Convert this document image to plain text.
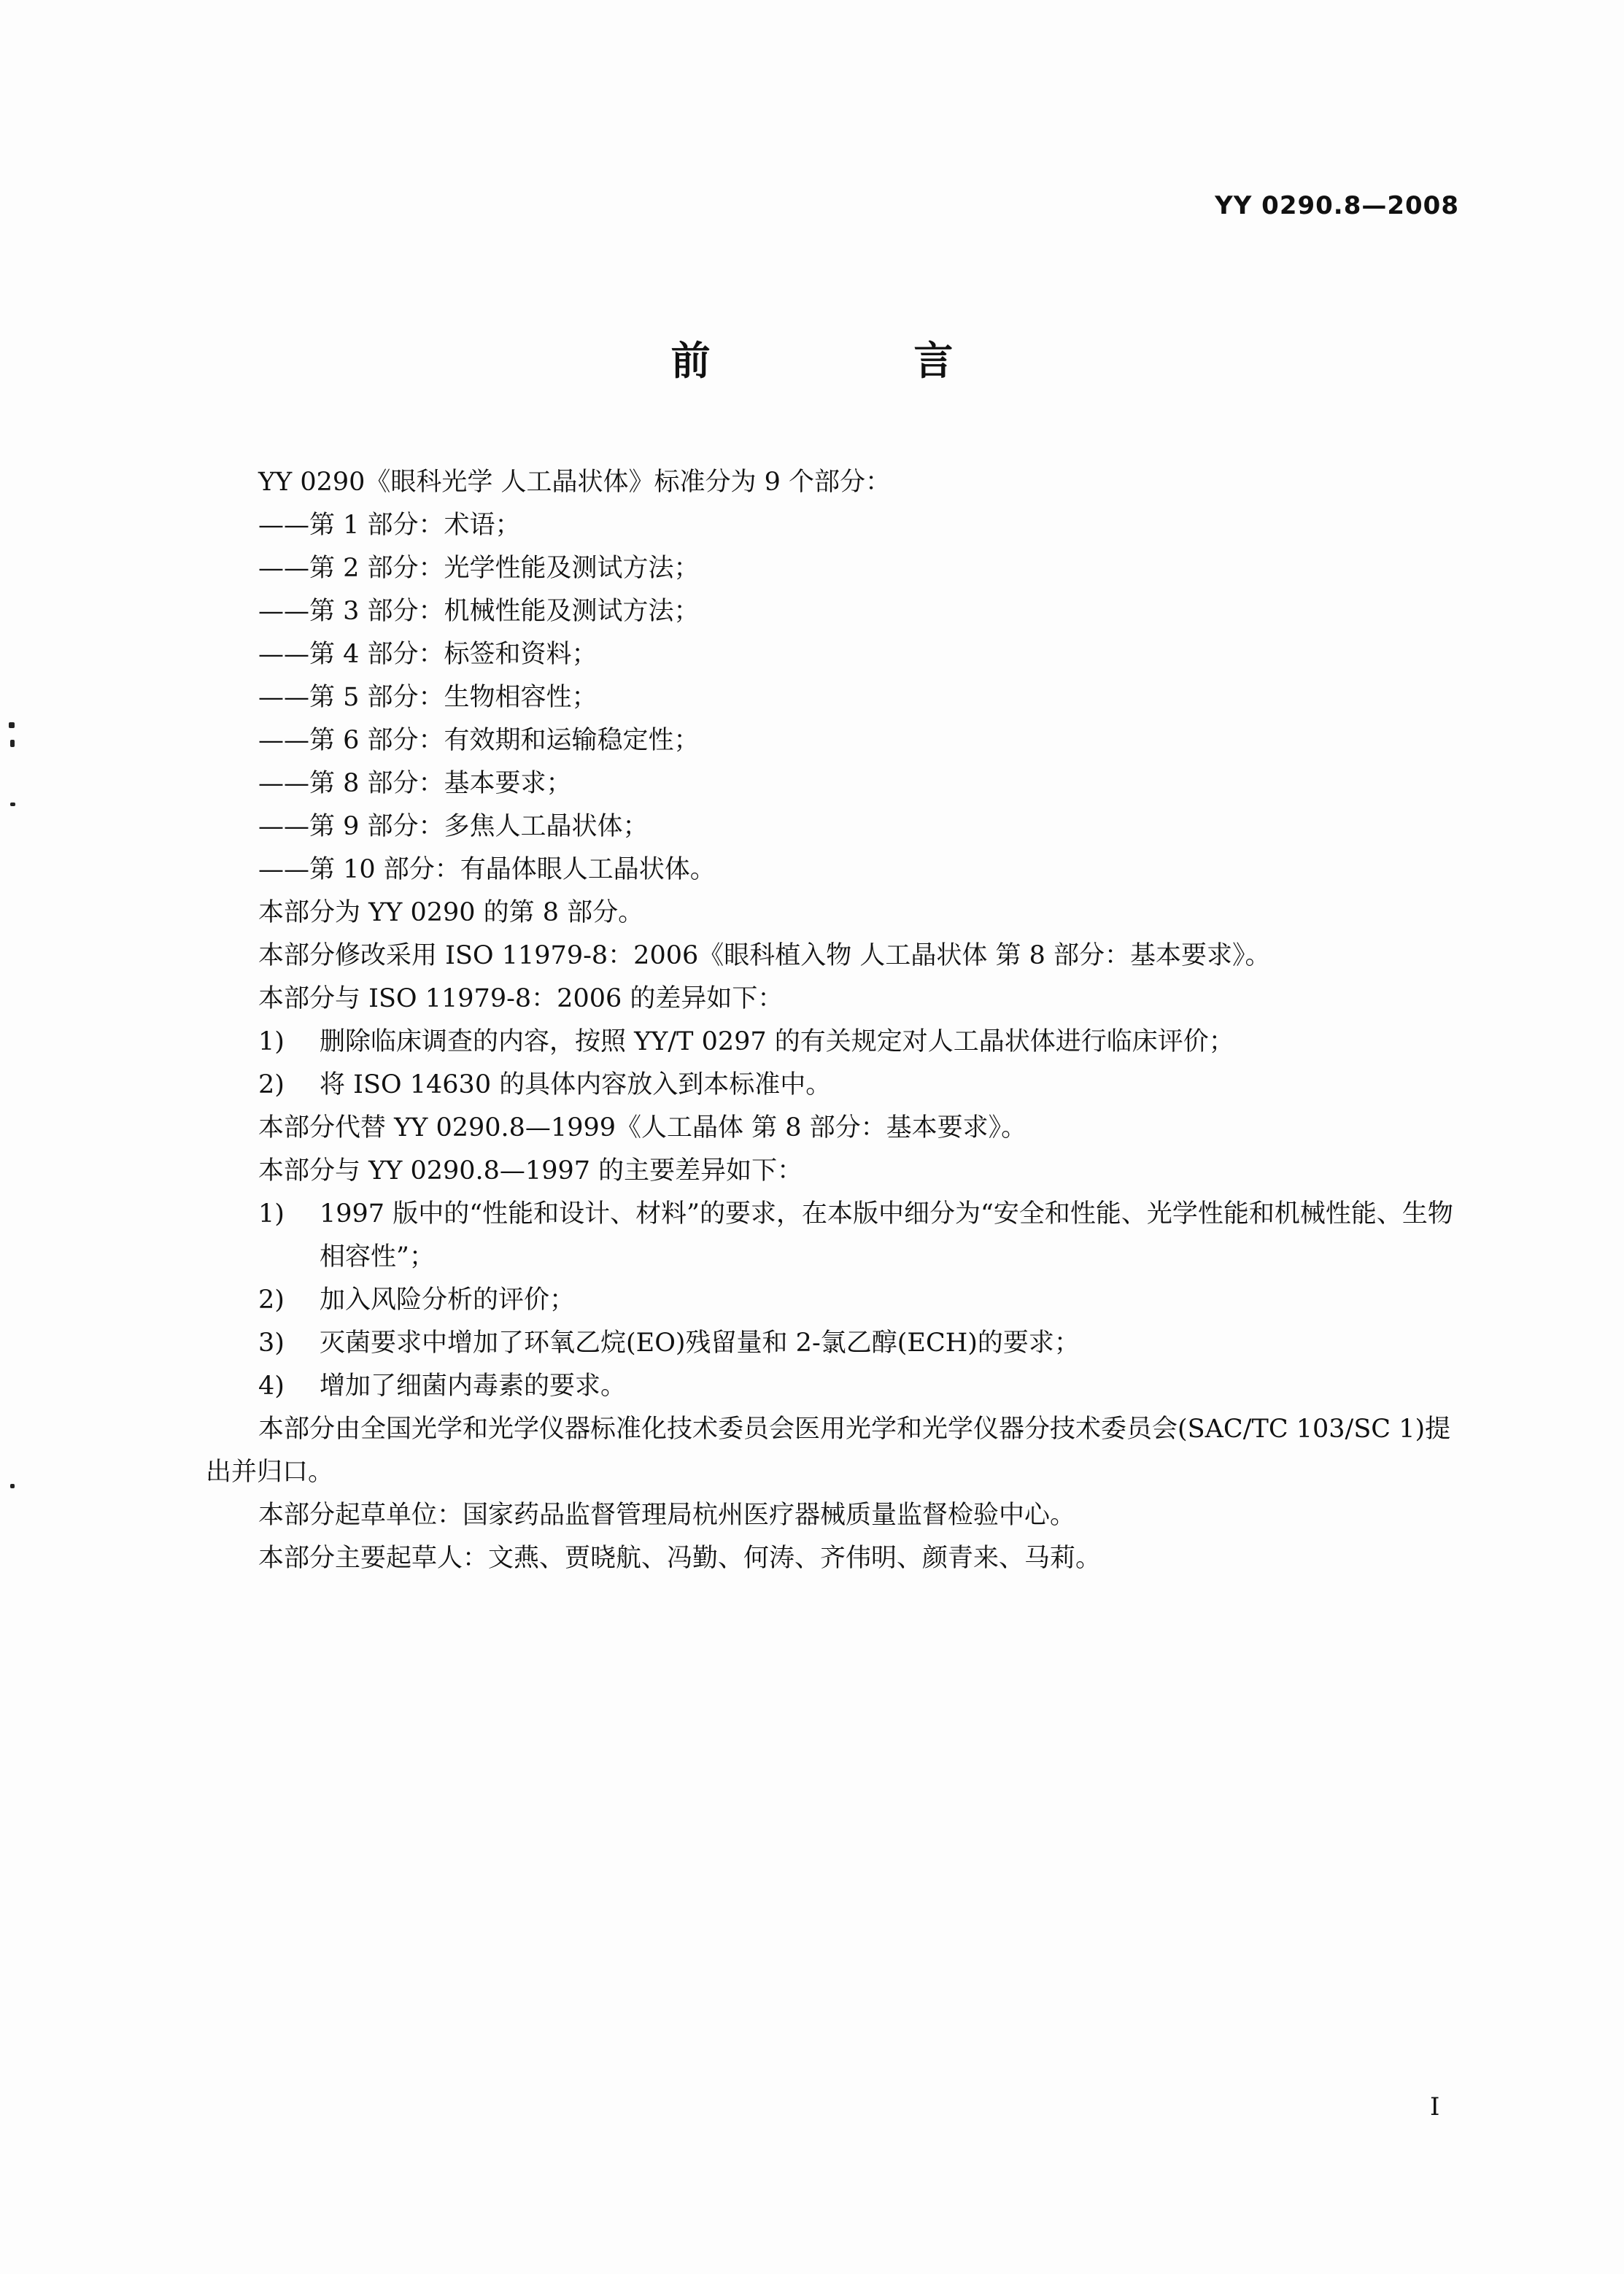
YY 0290.8—2008
前 言

YY 0290《眼科光学 人工晶状体》标准分为 9 个部分：

——第 1 部分：术语；

——第 2 部分：光学性能及测试方法；

——第 3 部分：机械性能及测试方法；

——第 4 部分：标签和资料；

——第 5 部分：生物相容性；

——第 6 部分：有效期和运输稳定性；

——第 8 部分：基本要求；

——第 9 部分：多焦人工晶状体；

——第 10 部分：有晶体眼人工晶状体。

本部分为 YY 0290 的第 8 部分。

本部分修改采用 ISO 11979-8：2006《眼科植入物 人工晶状体 第 8 部分：基本要求》。

本部分与 ISO 11979-8：2006 的差异如下：

1) 删除临床调查的内容，按照 YY/T 0297 的有关规定对人工晶状体进行临床评价；

2) 将 ISO 14630 的具体内容放入到本标准中。

本部分代替 YY 0290.8—1999《人工晶体 第 8 部分：基本要求》。

本部分与 YY 0290.8—1997 的主要差异如下：

1) 1997 版中的“性能和设计、材料”的要求，在本版中细分为“安全和性能、光学性能和机械性能、生物相容性”；

2) 加入风险分析的评价；

3) 灭菌要求中增加了环氧乙烷(EO)残留量和 2-氯乙醇(ECH)的要求；

4) 增加了细菌内毒素的要求。

本部分由全国光学和光学仪器标准化技术委员会医用光学和光学仪器分技术委员会(SAC/TC 103/SC 1)提出并归口。

本部分起草单位：国家药品监督管理局杭州医疗器械质量监督检验中心。

本部分主要起草人：文燕、贾晓航、冯勤、何涛、齐伟明、颜青来、马莉。

I
